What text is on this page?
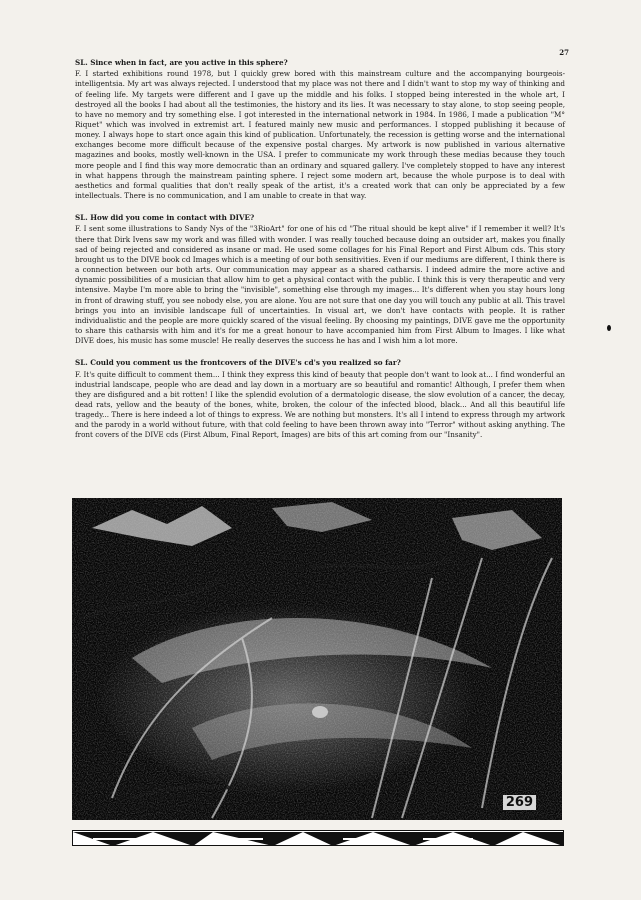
27

SL. Since when in fact, are you active in this sphere?

F. I started exhibitions round 1978, but I quickly grew bored with this mainstream culture and the accompanying bourgeois-intelligentsia. My art was always rejected. I understood that my place was not there and I didn't want to stop my way of thinking and of feeling life. My targets were different and I gave up the middle and his folks. I stopped being interested in the whole art, I destroyed all the books I had about all the testimonies, the history and its lies. It was necessary to stay alone, to stop seeing people, to have no memory and try something else. I got interested in the international network in 1984. In 1986, I made a publication "M° Riquet" which was involved in extremist art. I featured mainly new music and performances. I stopped publishing it because of money. I always hope to start once again this kind of publication. Unfortunately, the recession is getting worse and the international exchanges become more difficult because of the expensive postal charges. My artwork is now published in various alternative magazines and books, mostly well-known in the USA. I prefer to communicate my work through these medias because they touch more people and I find this way more democratic than an ordinary and squared gallery. I've completely stopped to have any interest in what happens through the mainstream painting sphere. I reject some modern art, because the whole purpose is to deal with aesthetics and formal qualities that don't really speak of the artist, it's a created work that can only be appreciated by a few intellectuals. There is no communication, and I am unable to create in that way.

SL. How did you come in contact with DIVE?

F. I sent some illustrations to Sandy Nys of the "3RioArt" for one of his cd "The ritual should be kept alive" if I remember it well? It's there that Dirk Ivens saw my work and was filled with wonder. I was really touched because doing an outsider art, makes you finally sad of being rejected and considered as insane or mad. He used some collages for his Final Report and First Album cds. This story brought us to the DIVE book cd Images which is a meeting of our both sensitivities. Even if our mediums are different, I think there is a connection between our both arts. Our communication may appear as a shared catharsis. I indeed admire the more active and dynamic possibilities of a musician that allow him to get a physical contact with the public. I think this is very therapeutic and very intensive. Maybe I'm more able to bring the "invisible", something else through my images... It's different when you stay hours long in front of drawing stuff, you see nobody else, you are alone. You are not sure that one day you will touch any public at all. This travel brings you into an invisible landscape full of uncertainties. In visual art, we don't have contacts with people. It is rather individualistic and the people are more quickly scared of the visual feeling. By choosing my paintings, DIVE gave me the opportunity to share this catharsis with him and it's for me a great honour to have accompanied him from First Album to Images. I like what DIVE does, his music has some muscle! He really deserves the success he has and I wish him a lot more.

SL. Could you comment us the frontcovers of the DIVE's cd's you realized so far?

F. It's quite difficult to comment them... I think they express this kind of beauty that people don't want to look at... I find wonderful an industrial landscape, people who are dead and lay down in a mortuary are so beautiful and romantic! Although, I prefer them when they are disfigured and a bit rotten! I like the splendid evolution of a dermatologic disease, the slow evolution of a cancer, the decay, dead rats, yellow and the beauty of the bones, white, broken, the colour of the infected blood, black... And all this beautiful life tragedy... There is here indeed a lot of things to express. We are nothing but monsters. It's all I intend to express through my artwork and the parody in a world without future, with that cold feeling to have been thrown away into "Terror" without asking anything. The front covers of the DIVE cds (First Album, Final Report, Images) are bits of this art coming from our "Insanity".

269
